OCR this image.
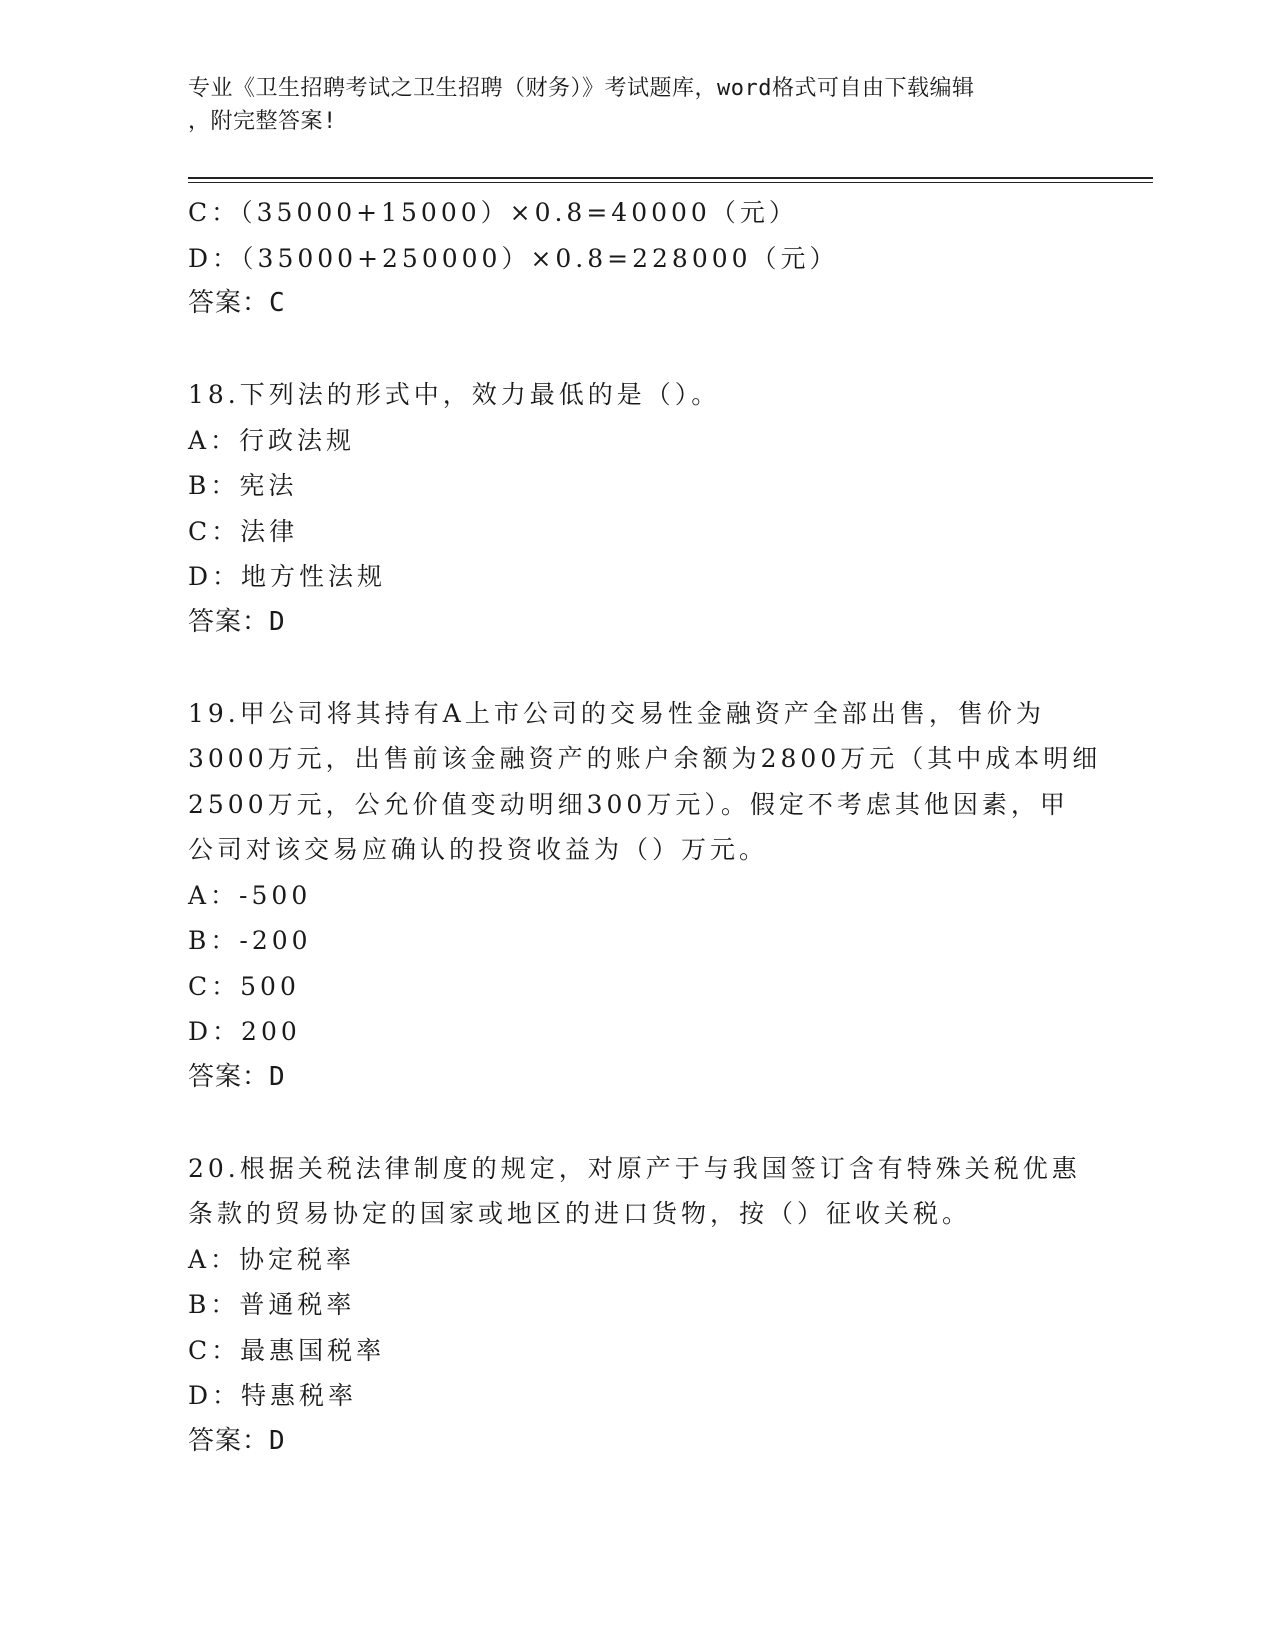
专业《卫生招聘考试之卫生招聘（财务）》考试题库，word格式可自由下载编辑
，附完整答案!
C：（35000+15000）×0.8=40000（元）
D：（35000+250000）×0.8=228000（元）
答案：C
18.下列法的形式中，效力最低的是（）。
A：行政法规
B：宪法
C：法律
D：地方性法规
答案：D
19.甲公司将其持有A上市公司的交易性金融资产全部出售，售价为
3000万元，出售前该金融资产的账户余额为2800万元（其中成本明细
2500万元，公允价值变动明细300万元）。假定不考虑其他因素，甲
公司对该交易应确认的投资收益为（）万元。
A：-500
B：-200
C：500
D：200
答案：D
20.根据关税法律制度的规定，对原产于与我国签订含有特殊关税优惠
条款的贸易协定的国家或地区的进口货物，按（）征收关税。
A：协定税率
B：普通税率
C：最惠国税率
D：特惠税率
答案：D
